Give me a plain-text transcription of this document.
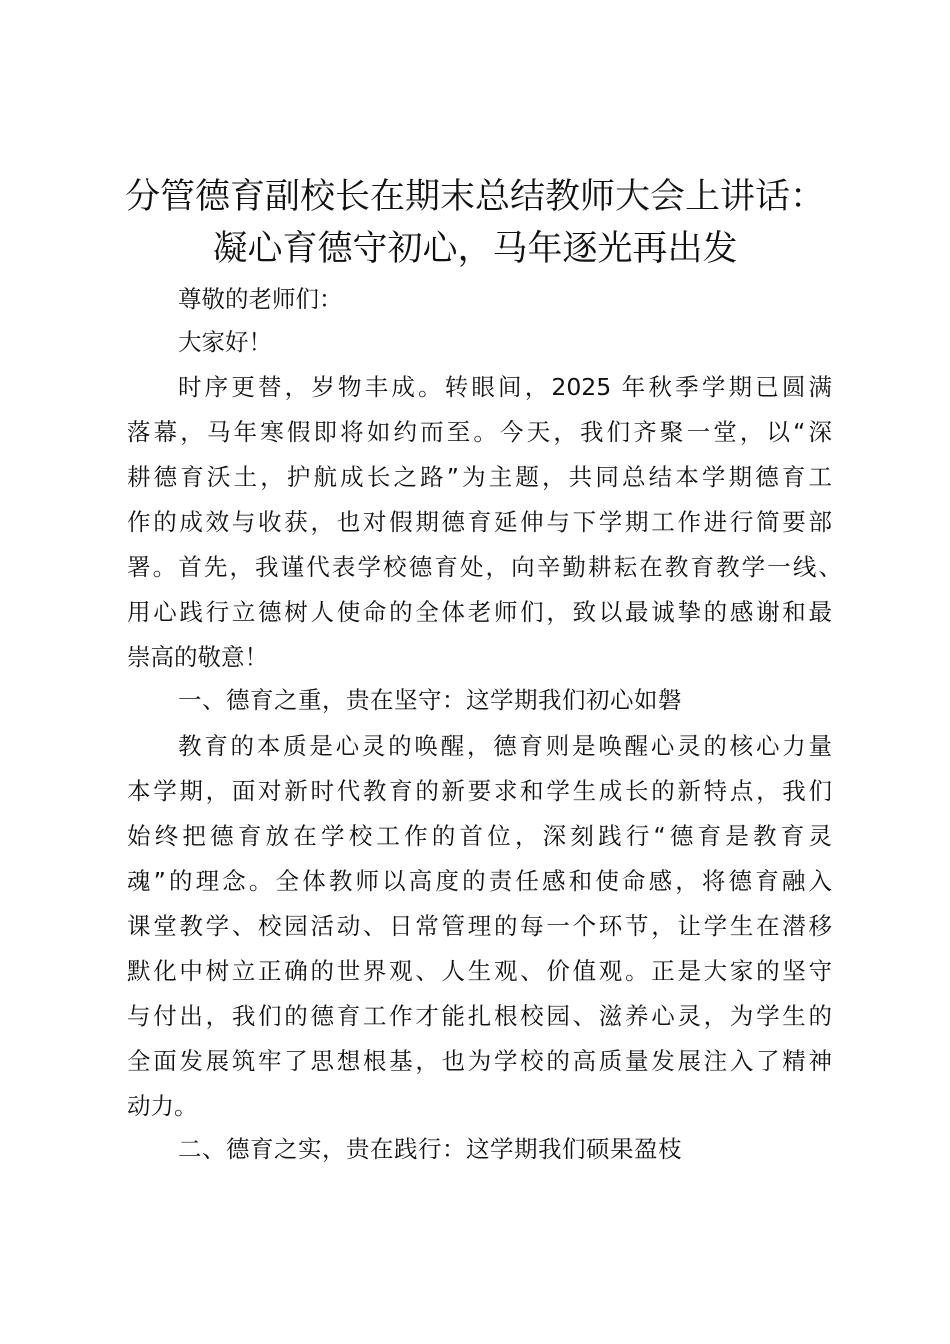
分管德育副校长在期末总结教师大会上讲话：
凝心育德守初心，马年逐光再出发
尊敬的老师们：
大家好！
时序更替，岁物丰成。转眼间，2025 年秋季学期已圆满
落幕，马年寒假即将如约而至。今天，我们齐聚一堂，以“深
耕德育沃土，护航成长之路”为主题，共同总结本学期德育工
作的成效与收获，也对假期德育延伸与下学期工作进行简要部
署。首先，我谨代表学校德育处，向辛勤耕耘在教育教学一线、
用心践行立德树人使命的全体老师们，致以最诚挚的感谢和最
崇高的敬意！
一、德育之重，贵在坚守：这学期我们初心如磐
教育的本质是心灵的唤醒，德育则是唤醒心灵的核心力量
本学期，面对新时代教育的新要求和学生成长的新特点，我们
始终把德育放在学校工作的首位，深刻践行“德育是教育灵
魂”的理念。全体教师以高度的责任感和使命感，将德育融入
课堂教学、校园活动、日常管理的每一个环节，让学生在潜移
默化中树立正确的世界观、人生观、价值观。正是大家的坚守
与付出，我们的德育工作才能扎根校园、滋养心灵，为学生的
全面发展筑牢了思想根基，也为学校的高质量发展注入了精神
动力。
二、德育之实，贵在践行：这学期我们硕果盈枝
